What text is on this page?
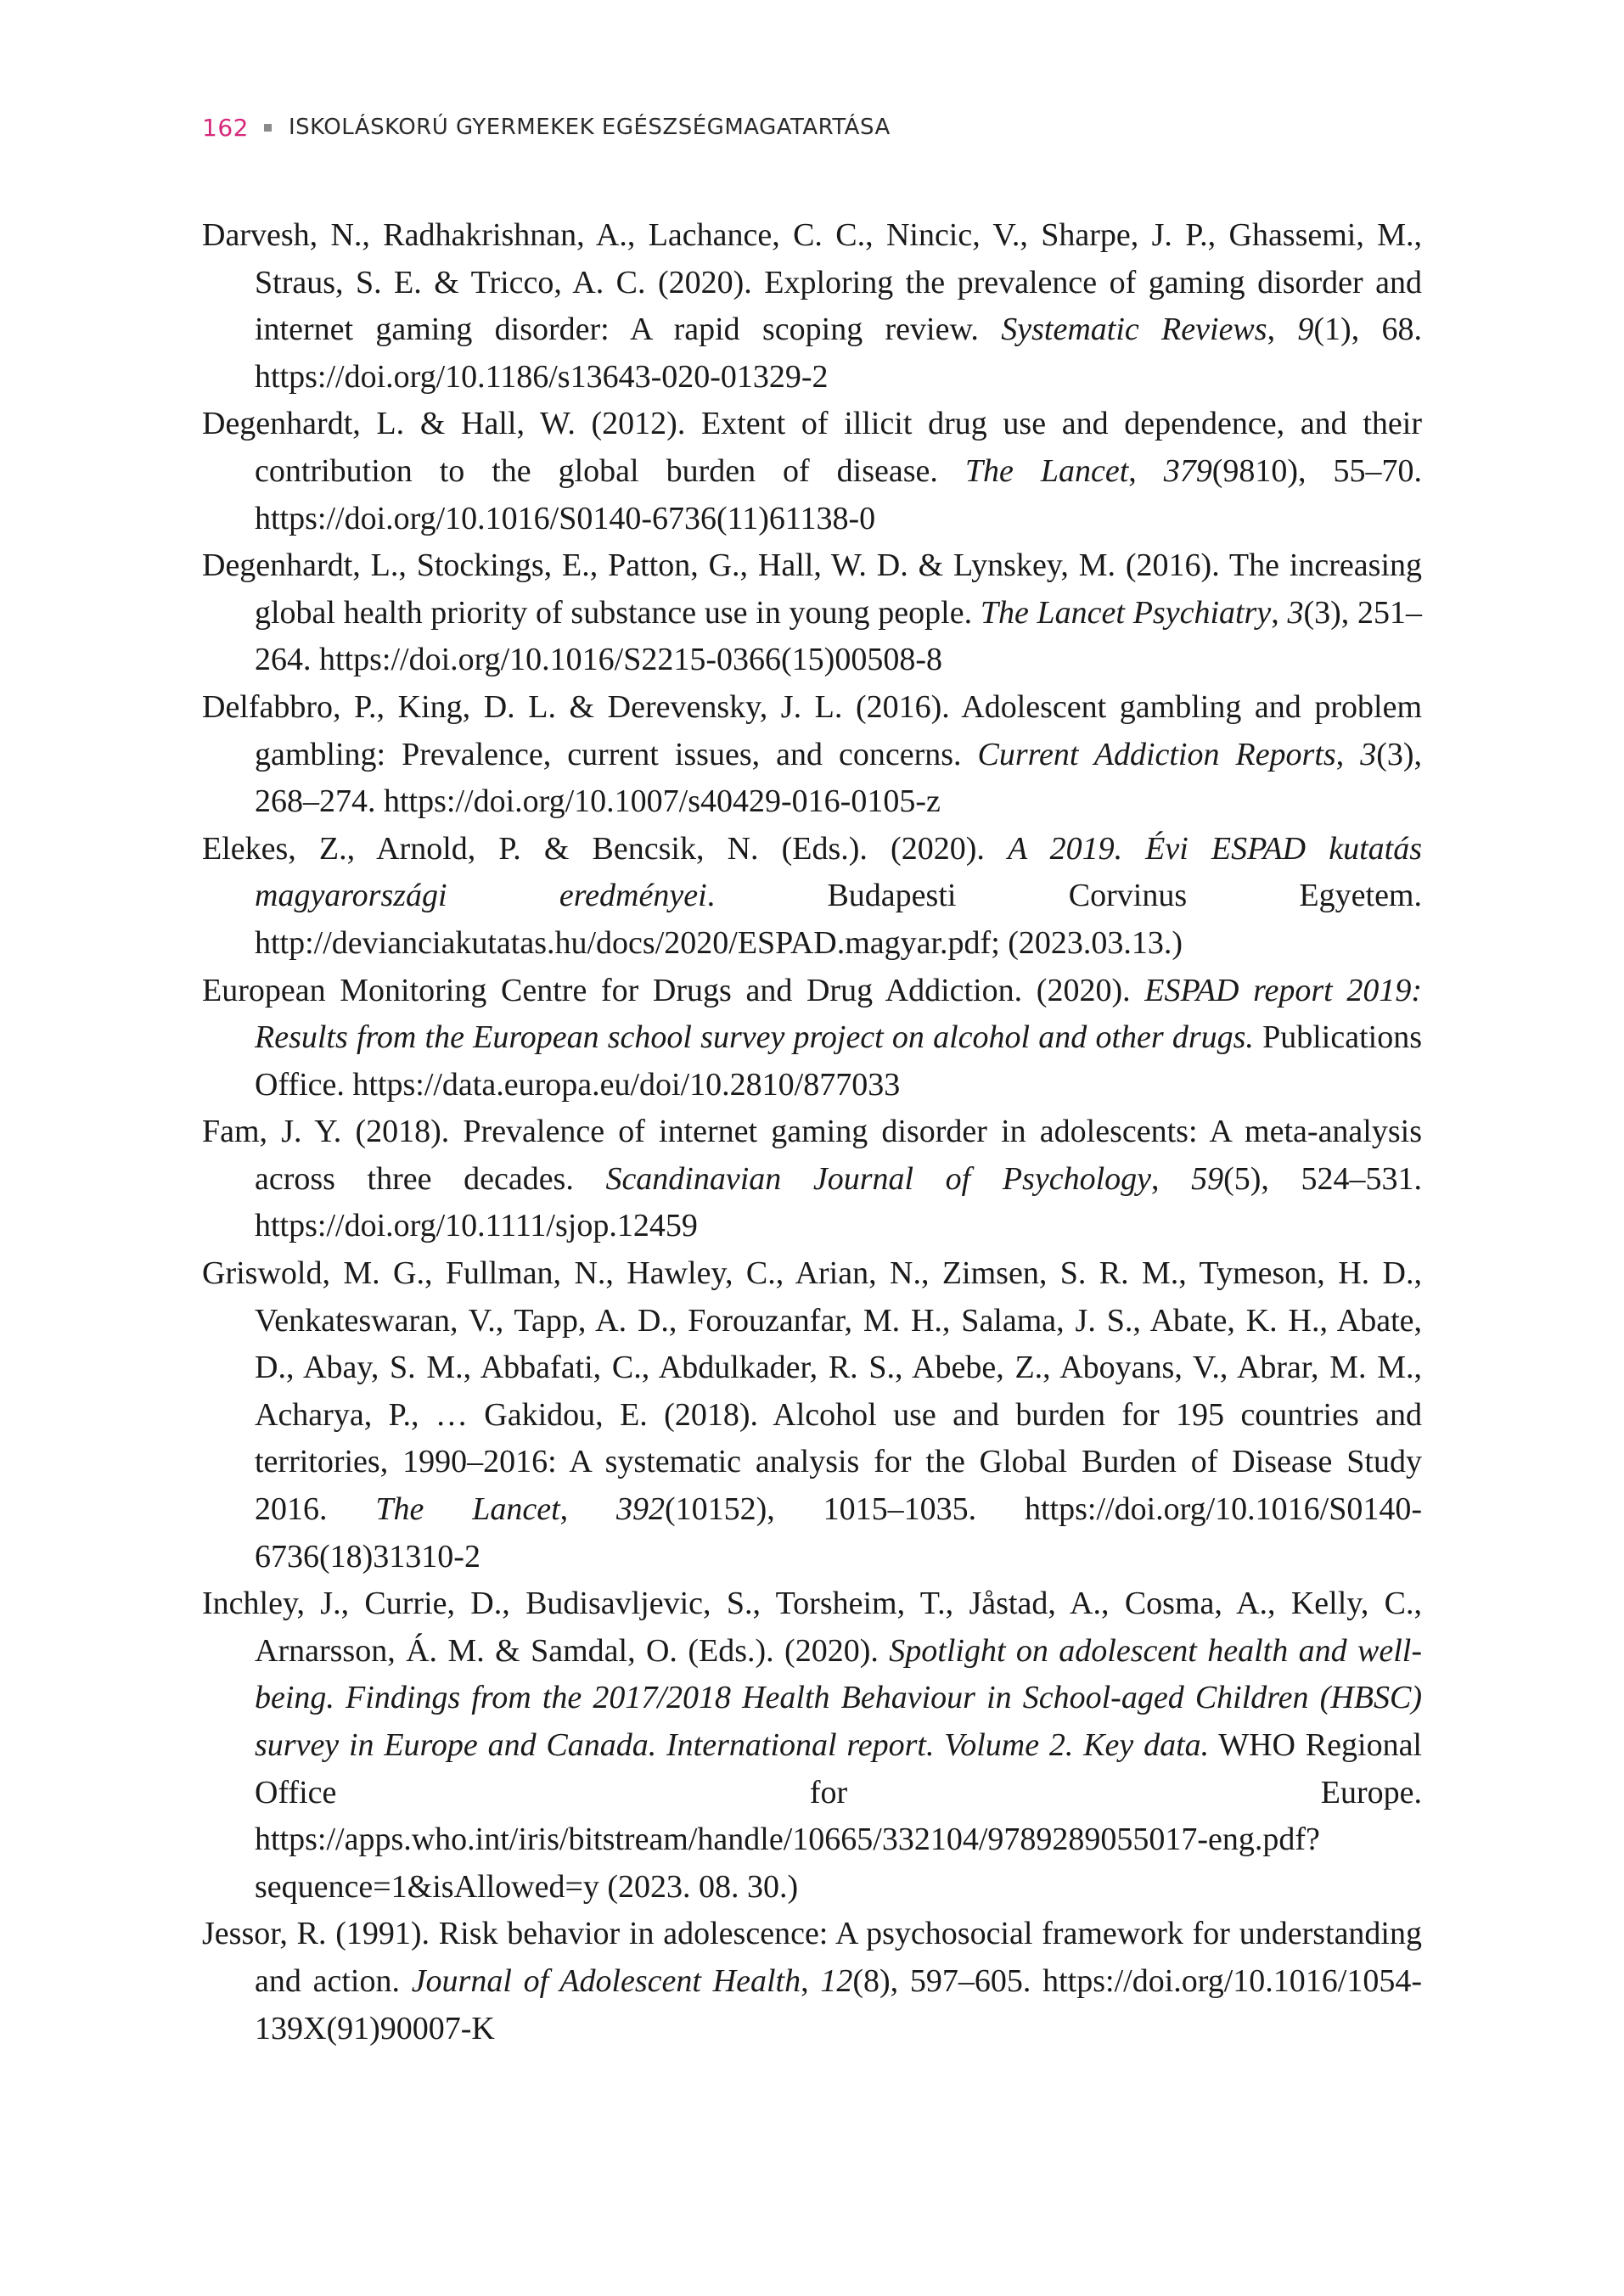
162 ISKOLÁSKORÚ GYERMEKEK EGÉSZSÉGMAGATARTÁSA

Darvesh, N., Radhakrishnan, A., Lachance, C. C., Nincic, V., Sharpe, J. P., Ghassemi, M., Straus, S. E. & Tricco, A. C. (2020). Exploring the prevalence of gaming disorder and internet gaming disorder: A rapid scoping review. Systematic Reviews, 9(1), 68. https://doi.org/10.1186/s13643-020-01329-2

Degenhardt, L. & Hall, W. (2012). Extent of illicit drug use and dependence, and their contribution to the global burden of disease. The Lancet, 379(9810), 55–70. https://doi.org/10.1016/S0140-6736(11)61138-0

Degenhardt, L., Stockings, E., Patton, G., Hall, W. D. & Lynskey, M. (2016). The increasing global health priority of substance use in young people. The Lancet Psychiatry, 3(3), 251–264. https://doi.org/10.1016/S2215-0366(15)00508-8

Delfabbro, P., King, D. L. & Derevensky, J. L. (2016). Adolescent gambling and problem gambling: Prevalence, current issues, and concerns. Current Addiction Reports, 3(3), 268–274. https://doi.org/10.1007/s40429-016-0105-z

Elekes, Z., Arnold, P. & Bencsik, N. (Eds.). (2020). A 2019. Évi ESPAD kutatás magyarországi eredményei. Budapesti Corvinus Egyetem. http://devianciakutatas.hu/docs/2020/ESPAD.magyar.pdf; (2023.03.13.)

European Monitoring Centre for Drugs and Drug Addiction. (2020). ESPAD report 2019: Results from the European school survey project on alcohol and other drugs. Publications Office. https://data.europa.eu/doi/10.2810/877033

Fam, J. Y. (2018). Prevalence of internet gaming disorder in adolescents: A meta-analysis across three decades. Scandinavian Journal of Psychology, 59(5), 524–531. https://doi.org/10.1111/sjop.12459

Griswold, M. G., Fullman, N., Hawley, C., Arian, N., Zimsen, S. R. M., Tymeson, H. D., Venkateswaran, V., Tapp, A. D., Forouzanfar, M. H., Salama, J. S., Abate, K. H., Abate, D., Abay, S. M., Abbafati, C., Abdulkader, R. S., Abebe, Z., Aboyans, V., Abrar, M. M., Acharya, P., … Gakidou, E. (2018). Alcohol use and burden for 195 countries and territories, 1990–2016: A systematic analysis for the Global Burden of Disease Study 2016. The Lancet, 392(10152), 1015–1035. https://doi.org/10.1016/S0140-6736(18)31310-2

Inchley, J., Currie, D., Budisavljevic, S., Torsheim, T., Jåstad, A., Cosma, A., Kelly, C., Arnarsson, Á. M. & Samdal, O. (Eds.). (2020). Spotlight on adolescent health and well-being. Findings from the 2017/2018 Health Behaviour in School-aged Children (HBSC) survey in Europe and Canada. International report. Volume 2. Key data. WHO Regional Office for Europe. https://apps.who.int/iris/bitstream/handle/10665/332104/9789289055017-eng.pdf?sequence=1&isAllowed=y (2023. 08. 30.)

Jessor, R. (1991). Risk behavior in adolescence: A psychosocial framework for understanding and action. Journal of Adolescent Health, 12(8), 597–605. https://doi.org/10.1016/1054-139X(91)90007-K
